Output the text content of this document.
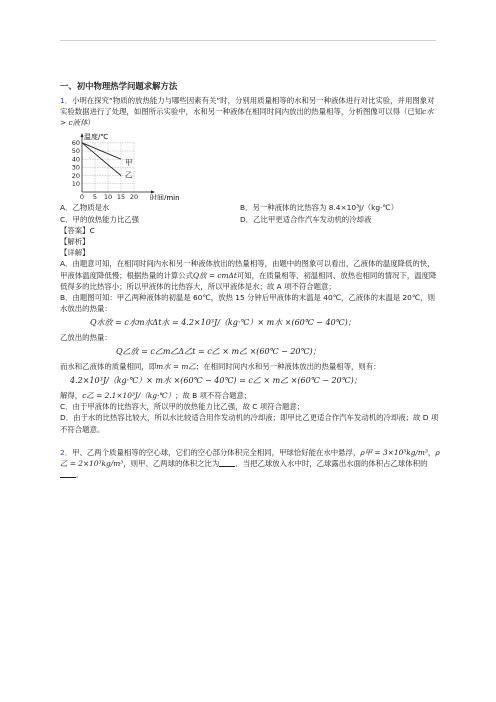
一、初中物理热学问题求解方法

1．小明在探究“物质的放热能力与哪些因素有关”时，分别用质量相等的水和另一种液体进行对比实验，并用图象对实验数据进行了处理，如图所示实验中，水和另一种液体在相同时间内放出的热量相等，分析图像可以得（已知c水 > c液体）

温度/℃
时间/min
60
50
40
30
20
10
0 5 10 15 20
甲
乙
A．乙物质是水	B．另一种液体的比热容为 8.4×10³J/（kg·℃）
C．甲的放热能力比乙强	D．乙比甲更适合作汽车发动机的冷却液

【答案】C

【解析】

【详解】

A．由题意可知，在相同时间内水和另一种液体放出的热量相等，由题中的图象可以看出，乙液体的温度降低的快，甲液体温度降低慢；根据热量的计算公式Q放 = cmΔt可知，在质量相等、初温相同、放热也相同的情况下，温度降低得多的比热容小；所以甲液体的比热容大，所以甲液体是水；故 A 项不符合题意；

B．由题图可知：甲乙两种液体的初温是 60℃，放热 15 分钟后甲液体的末温是 40℃，乙液体的末温是 20℃，则水放出的热量：

Q水放 = c水m水Δt水 = 4.2×10³J/（kg·℃）× m水 ×(60℃ − 40℃)；

乙放出的热量：

Q乙放 = c乙m乙Δ乙t = c乙 × m乙 ×(60℃ − 20℃)；

而水和乙液体的质量相同，即m水 = m乙；在相同时间内水和另一种液体放出的热量相等，则有：

4.2×10³J/（kg·℃）× m水 ×(60℃ − 40℃) = c乙 × m乙 ×(60℃ − 20℃)；

解得，c乙 = 2.1×10³J/（kg·℃）；故 B 项不符合题意；

C．由于甲液体的比热容大，所以甲的放热能力比乙强，故 C 项符合题意；

D．由于水的比热容比较大，所以水比较适合用作发动机的冷却液；即甲比乙更适合作汽车发动机的冷却液；故 D 项不符合题意。

2．甲、乙两个质量相等的空心球，它们的空心部分体积完全相同，甲球恰好能在水中悬浮，ρ甲 = 3×10³kg/m³，ρ乙 = 2×10³kg/m³，则甲、乙两球的体积之比为 ．当把乙球放入水中时，乙球露出水面的体积占乙球体积的．
